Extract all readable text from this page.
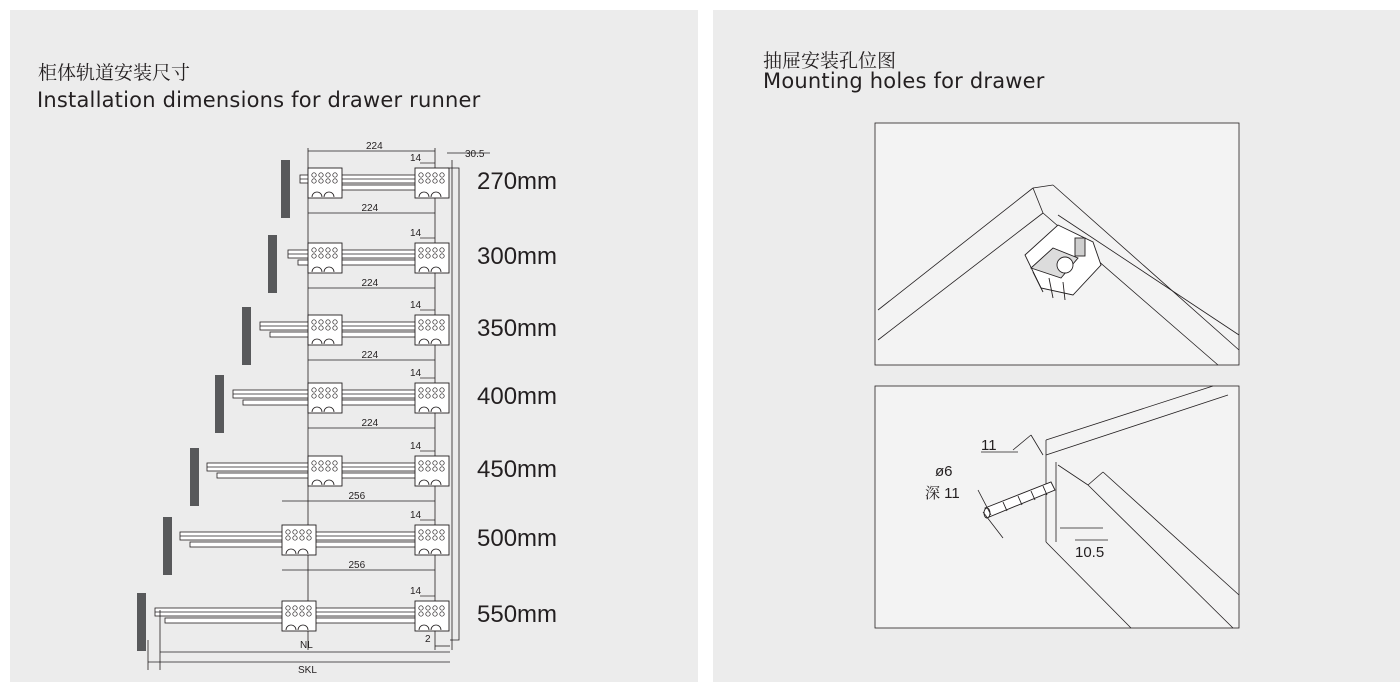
柜体轨道安装尺寸
Installation dimensions for drawer runner
30.5
14
224
224
270mm
14
224
300mm
14
224
350mm
14
224
400mm
14
256
450mm
14
256
500mm
14
550mm
NL
SKL
2
抽屉安装孔位图
Mounting holes for drawer
11
ø6
深 11
10.5
